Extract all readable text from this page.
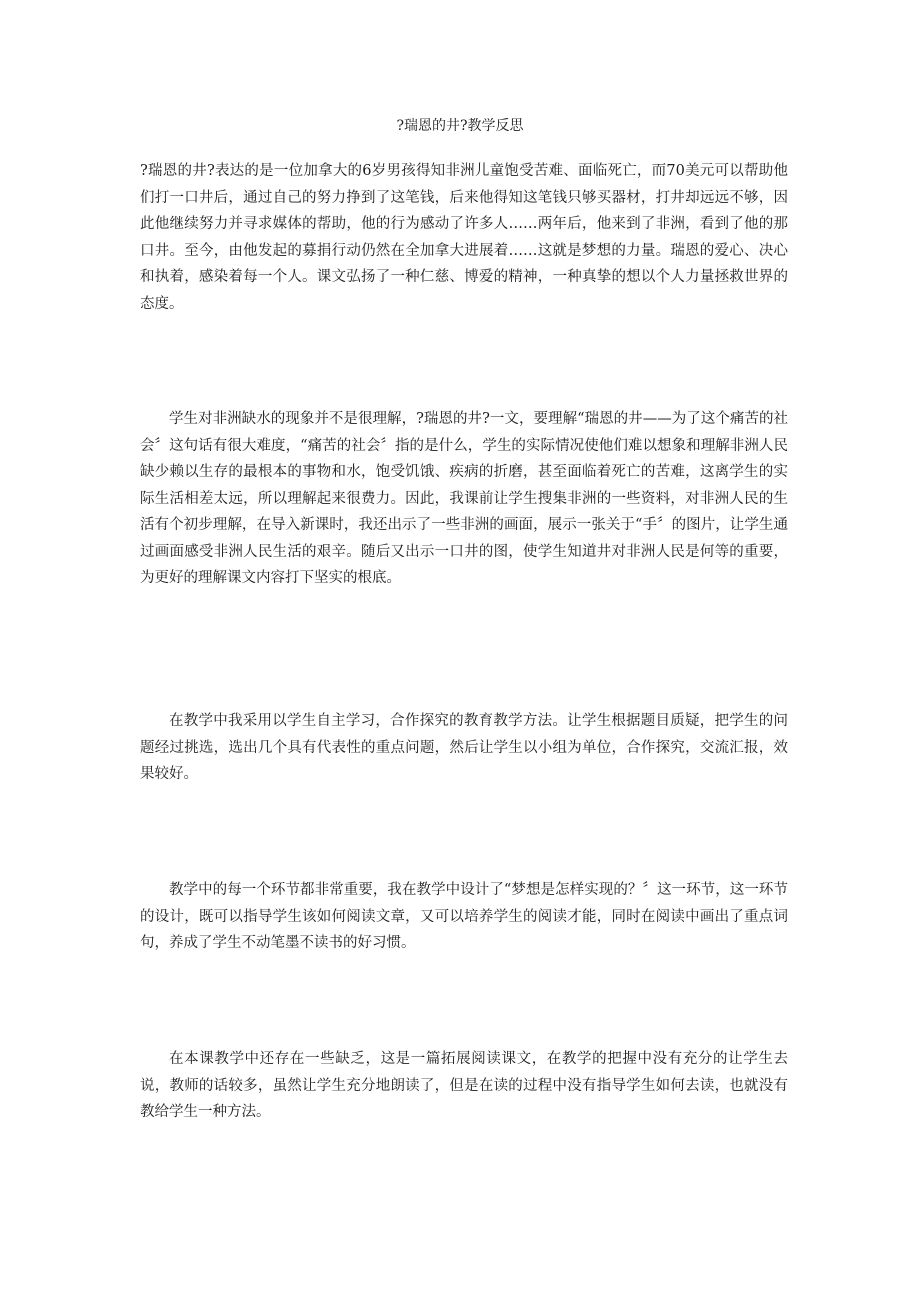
?瑞恩的井?教学反思

?瑞恩的井?表达的是一位加拿大的6岁男孩得知非洲儿童饱受苦难、面临死亡，而70美元可以帮助他们打一口井后，通过自己的努力挣到了这笔钱，后来他得知这笔钱只够买器材，打井却远远不够，因此他继续努力并寻求媒体的帮助，他的行为感动了许多人……两年后，他来到了非洲，看到了他的那口井。至今，由他发起的募捐行动仍然在全加拿大进展着……这就是梦想的力量。瑞恩的爱心、决心和执着，感染着每一个人。课文弘扬了一种仁慈、博爱的精神，一种真挚的想以个人力量拯救世界的态度。

学生对非洲缺水的现象并不是很理解，?瑞恩的井?一文，要理解“瑞恩的井——为了这个痛苦的社会〞这句话有很大难度，“痛苦的社会〞指的是什么，学生的实际情况使他们难以想象和理解非洲人民缺少赖以生存的最根本的事物和水，饱受饥饿、疾病的折磨，甚至面临着死亡的苦难，这离学生的实际生活相差太远，所以理解起来很费力。因此，我课前让学生搜集非洲的一些资料，对非洲人民的生活有个初步理解，在导入新课时，我还出示了一些非洲的画面，展示一张关于“手〞的图片，让学生通过画面感受非洲人民生活的艰辛。随后又出示一口井的图，使学生知道井对非洲人民是何等的重要，为更好的理解课文内容打下坚实的根底。

在教学中我采用以学生自主学习，合作探究的教育教学方法。让学生根据题目质疑，把学生的问题经过挑选，选出几个具有代表性的重点问题，然后让学生以小组为单位，合作探究，交流汇报，效果较好。

教学中的每一个环节都非常重要，我在教学中设计了“梦想是怎样实现的？〞这一环节，这一环节的设计，既可以指导学生该如何阅读文章，又可以培养学生的阅读才能，同时在阅读中画出了重点词句，养成了学生不动笔墨不读书的好习惯。

在本课教学中还存在一些缺乏，这是一篇拓展阅读课文，在教学的把握中没有充分的让学生去说，教师的话较多，虽然让学生充分地朗读了，但是在读的过程中没有指导学生如何去读，也就没有教给学生一种方法。
